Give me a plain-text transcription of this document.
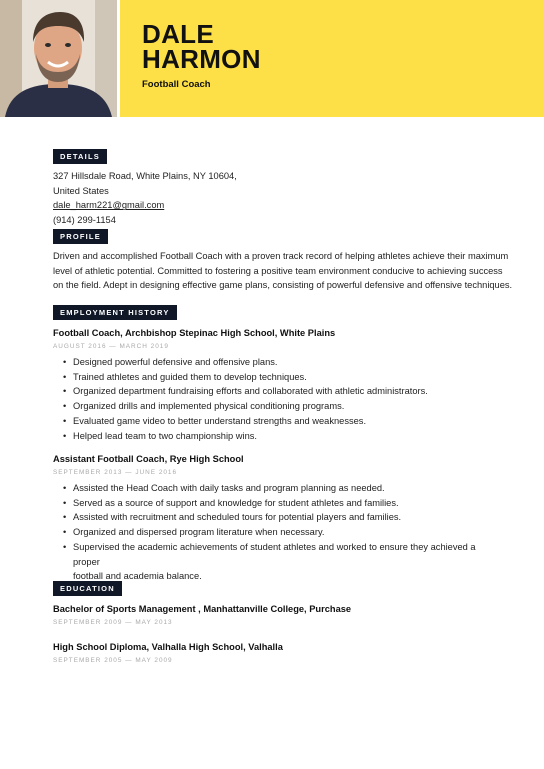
DALE
HARMON
Football Coach
DETAILS
327 Hillsdale Road, White Plains, NY 10604,
United States
dale_harm221@gmail.com
(914) 299-1154
PROFILE
Driven and accomplished Football Coach with a proven track record of helping athletes achieve their maximum
level of athletic potential. Committed to fostering a positive team environment conducive to achieving success
on the field. Adept in designing effective game plans, consisting of powerful defensive and offensive techniques.
EMPLOYMENT HISTORY
Football Coach, Archbishop Stepinac High School, White Plains
AUGUST 2016 — MARCH 2019
• Designed powerful defensive and offensive plans.
• Trained athletes and guided them to develop techniques.
• Organized department fundraising efforts and collaborated with athletic administrators.
• Organized drills and implemented physical conditioning programs.
• Evaluated game video to better understand strengths and weaknesses.
• Helped lead team to two championship wins.
Assistant Football Coach, Rye High School
SEPTEMBER 2013 — JUNE 2016
• Assisted the Head Coach with daily tasks and program planning as needed.
• Served as a source of support and knowledge for student athletes and families.
• Assisted with recruitment and scheduled tours for potential players and families.
• Organized and dispersed program literature when necessary.
• Supervised the academic achievements of student athletes and worked to ensure they achieved a proper
football and academia balance.
EDUCATION
Bachelor of Sports Management , Manhattanville College, Purchase
SEPTEMBER 2009 — MAY 2013
High School Diploma, Valhalla High School, Valhalla
SEPTEMBER 2005 — MAY 2009
